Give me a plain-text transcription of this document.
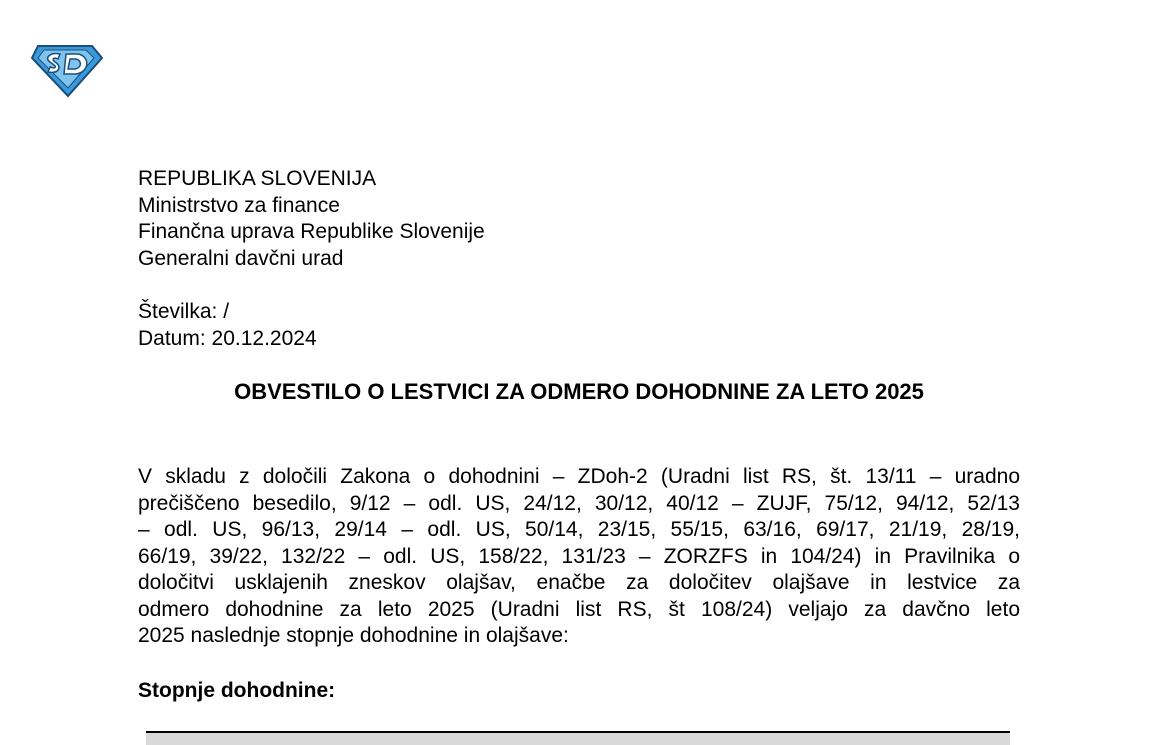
REPUBLIKA SLOVENIJA
Ministrstvo za finance
Finančna uprava Republike Slovenije
Generalni davčni urad
Številka: /
Datum: 20.12.2024
OBVESTILO O LESTVICI ZA ODMERO DOHODNINE ZA LETO 2025
V skladu z določili Zakona o dohodnini – ZDoh-2 (Uradni list RS, št. 13/11 – uradno
prečiščeno besedilo, 9/12 – odl. US, 24/12, 30/12, 40/12 – ZUJF, 75/12, 94/12, 52/13
– odl. US, 96/13, 29/14 – odl. US, 50/14, 23/15, 55/15, 63/16, 69/17, 21/19, 28/19,
66/19, 39/22, 132/22 – odl. US, 158/22, 131/23 – ZORZFS in 104/24) in Pravilnika o
določitvi usklajenih zneskov olajšav, enačbe za določitev olajšave in lestvice za
odmero dohodnine za leto 2025 (Uradni list RS, št 108/24) veljajo za davčno leto
2025 naslednje stopnje dohodnine in olajšave:
Stopnje dohodnine:
